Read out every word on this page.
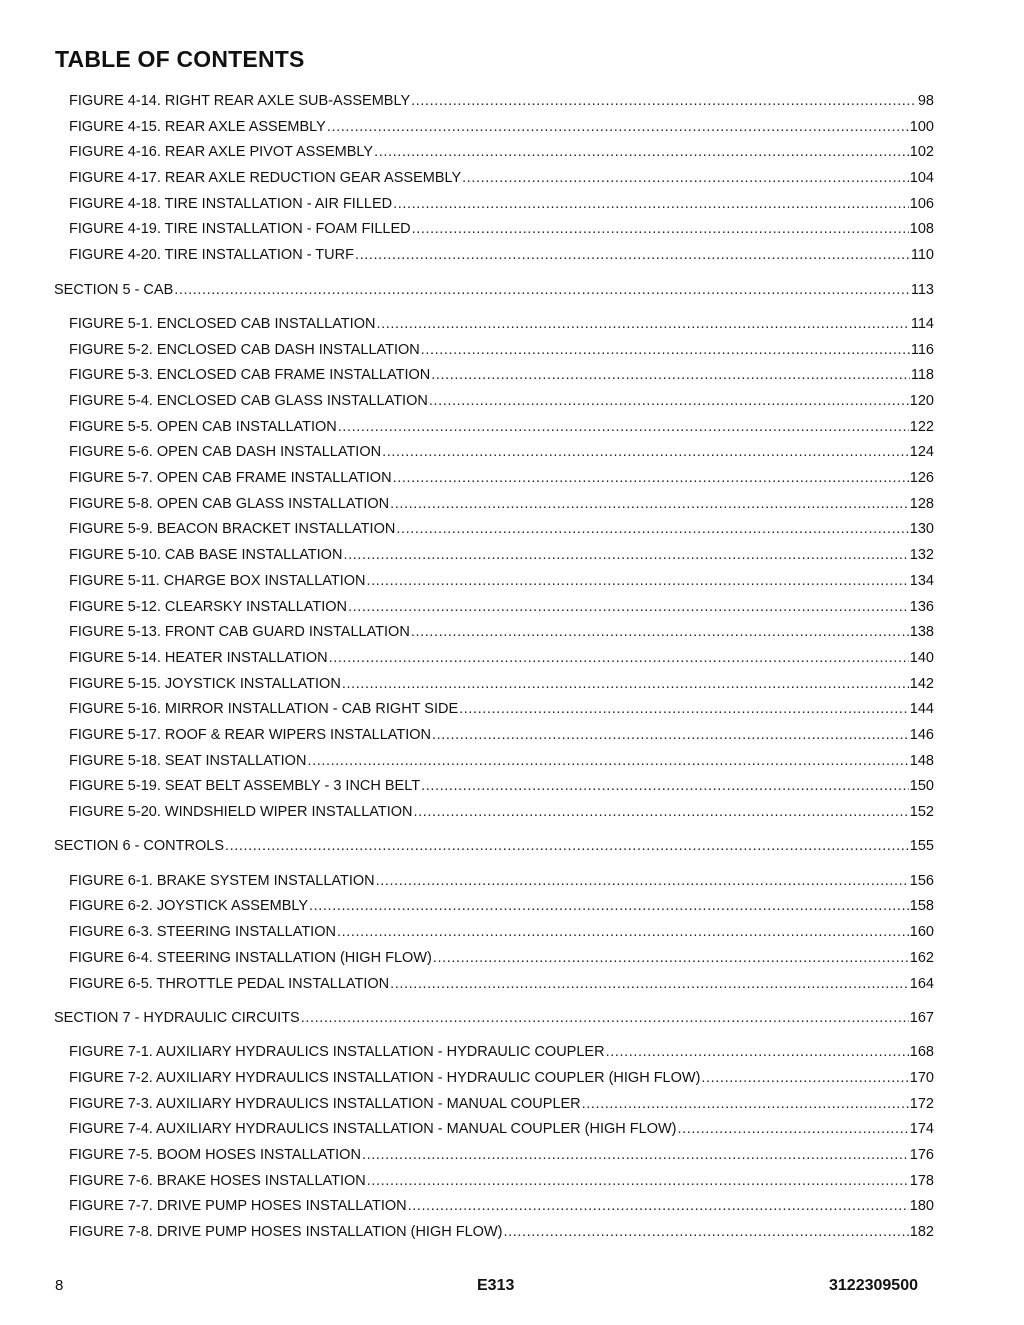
TABLE OF CONTENTS
FIGURE 4-14. RIGHT REAR AXLE SUB-ASSEMBLY .....	98
FIGURE 4-15. REAR AXLE ASSEMBLY .....	100
FIGURE 4-16. REAR AXLE PIVOT ASSEMBLY .....	102
FIGURE 4-17. REAR AXLE REDUCTION GEAR ASSEMBLY .....	104
FIGURE 4-18. TIRE INSTALLATION - AIR FILLED .....	106
FIGURE 4-19. TIRE INSTALLATION - FOAM FILLED .....	108
FIGURE 4-20. TIRE INSTALLATION - TURF .....	110
SECTION 5 - CAB .....	113
FIGURE 5-1. ENCLOSED CAB INSTALLATION .....	114
FIGURE 5-2. ENCLOSED CAB DASH INSTALLATION .....	116
FIGURE 5-3. ENCLOSED CAB FRAME INSTALLATION .....	118
FIGURE 5-4. ENCLOSED CAB GLASS INSTALLATION .....	120
FIGURE 5-5. OPEN CAB INSTALLATION .....	122
FIGURE 5-6. OPEN CAB DASH INSTALLATION .....	124
FIGURE 5-7. OPEN CAB FRAME INSTALLATION .....	126
FIGURE 5-8. OPEN CAB GLASS INSTALLATION .....	128
FIGURE 5-9. BEACON BRACKET INSTALLATION .....	130
FIGURE 5-10. CAB BASE INSTALLATION .....	132
FIGURE 5-11. CHARGE BOX INSTALLATION .....	134
FIGURE 5-12. CLEARSKY INSTALLATION .....	136
FIGURE 5-13. FRONT CAB GUARD INSTALLATION .....	138
FIGURE 5-14. HEATER INSTALLATION .....	140
FIGURE 5-15. JOYSTICK INSTALLATION .....	142
FIGURE 5-16. MIRROR INSTALLATION - CAB RIGHT SIDE .....	144
FIGURE 5-17. ROOF & REAR WIPERS INSTALLATION .....	146
FIGURE 5-18. SEAT INSTALLATION .....	148
FIGURE 5-19. SEAT BELT ASSEMBLY - 3 INCH BELT .....	150
FIGURE 5-20. WINDSHIELD WIPER INSTALLATION .....	152
SECTION 6 - CONTROLS .....	155
FIGURE 6-1. BRAKE SYSTEM INSTALLATION .....	156
FIGURE 6-2. JOYSTICK ASSEMBLY .....	158
FIGURE 6-3. STEERING INSTALLATION .....	160
FIGURE 6-4. STEERING INSTALLATION (HIGH FLOW) .....	162
FIGURE 6-5. THROTTLE PEDAL INSTALLATION .....	164
SECTION 7 - HYDRAULIC CIRCUITS .....	167
FIGURE 7-1. AUXILIARY HYDRAULICS INSTALLATION - HYDRAULIC COUPLER .....	168
FIGURE 7-2. AUXILIARY HYDRAULICS INSTALLATION - HYDRAULIC COUPLER (HIGH FLOW) .....	170
FIGURE 7-3. AUXILIARY HYDRAULICS INSTALLATION - MANUAL COUPLER .....	172
FIGURE 7-4. AUXILIARY HYDRAULICS INSTALLATION - MANUAL COUPLER (HIGH FLOW) .....	174
FIGURE 7-5. BOOM HOSES INSTALLATION .....	176
FIGURE 7-6. BRAKE HOSES INSTALLATION .....	178
FIGURE 7-7. DRIVE PUMP HOSES INSTALLATION .....	180
FIGURE 7-8. DRIVE PUMP HOSES INSTALLATION (HIGH FLOW) .....	182
8	E313	3122309500
